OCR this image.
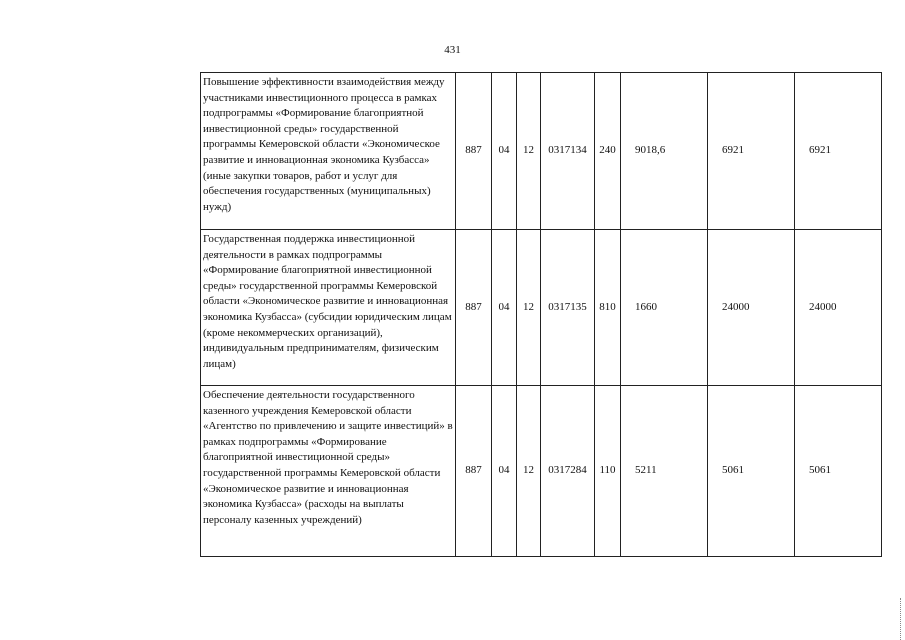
431
Повышение эффективности взаимодействия между участниками инвестиционного процесса в рамках подпрограммы «Формирование благоприятной инвестиционной среды» государственной программы Кемеровской области «Экономическое развитие и инновационная экономика Кузбасса» (иные закупки товаров, работ и услуг для обеспечения государственных (муниципальных) нужд)	887	04	12	0317134	240	9018,6	6921	6921
Государственная поддержка инвестиционной деятельности в рамках подпрограммы «Формирование благоприятной инвестиционной среды» государственной программы Кемеровской области «Экономическое развитие и инновационная экономика Кузбасса» (субсидии юридическим лицам (кроме некоммерческих организаций), индивидуальным предпринимателям, физическим лицам)	887	04	12	0317135	810	1660	24000	24000
Обеспечение деятельности государственного казенного учреждения Кемеровской области «Агентство по привлечению и защите инвестиций» в рамках подпрограммы «Формирование благоприятной инвестиционной среды» государственной программы Кемеровской области «Экономическое развитие и инновационная экономика Кузбасса» (расходы на выплаты персоналу казенных учреждений)	887	04	12	0317284	110	5211	5061	5061
